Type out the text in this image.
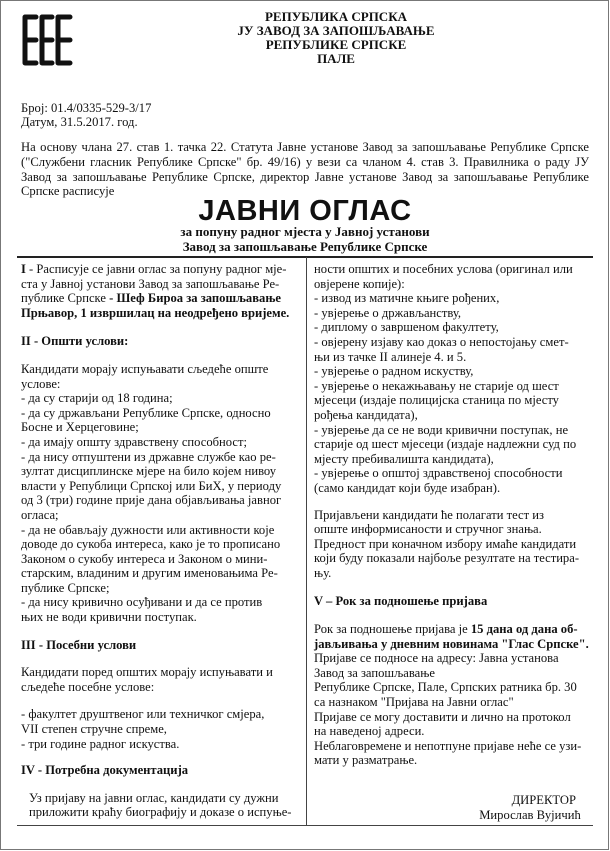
РЕПУБЛИКА СРПСКА
ЈУ ЗАВОД ЗА ЗАПОШЉАВАЊЕ
РЕПУБЛИКЕ СРПСКЕ
ПАЛЕ
Број: 01.4/0335-529-3/17
Датум, 31.5.2017. год.
На основу члана 27. став 1. тачка 22. Статута Јавне установе Завод за запошљавање Републике Српске ("Службени гласник Републике Српске" бр. 49/16) у вези са чланом 4. став 3. Правилника о раду ЈУ Завод за запошљавање Републике Српске, директор Јавне установе Завод за запошљавање Републике Српске расписује
ЈАВНИ ОГЛАС
за попуну радног мјеста у Јавној установи
Завод за запошљавање Републике Српске
I - Расписује се јавни оглас за попуну радног мје-
ста у Јавној установи Завод за запошљавање Ре-
публике Српске - Шеф Бироа за запошљавање
Прњавор, 1 извршилац на неодређено вријеме.
II - Општи услови:
Кандидати морају испуњавати сљедеће опште
услове:
- да су старији од 18 година;
- да су држављани Републике Српске, односно
Босне и Херцеговине;
- да имају општу здравствену способност;
- да нису отпуштени из државне службе као ре-
зултат дисциплинске мјере на било којем нивоу
власти у Републици Српској или БиХ, у периоду
од 3 (три) године прије дана објављивања јавног
огласа;
- да не обављају дужности или активности које
доводе до сукоба интереса, како је то прописано
Законом о сукобу интереса и Законом о мини-
старским, владиним и другим именовањима Ре-
публике Српске;
- да нису кривично осуђивани и да се против
њих не води кривични поступак.
III - Посебни услови
Кандидати поред општих морају испуњавати и
сљедеће посебне услове:
- факултет друштвеног или техничког смјера,
VII степен стручне спреме,
- три године радног искуства.
IV - Потребна документација
Уз пријаву на јавни оглас, кандидати су дужни
приложити краћу биографију и доказе о испуње-
ности општих и посебних услова (оригинал или
овјерене копије):
- извод из матичне књиге рођених,
- увјерење о држављанству,
- диплому о завршеном факултету,
- овјерену изјаву као доказ о непостојању смет-
њи из тачке II алинеје 4. и 5.
- увјерење о радном искуству,
- увјерење о некажњавању не старије од шест
мјесеци (издаје полицијска станица по мјесту
рођења кандидата),
- увјерење да се не води кривични поступак, не
старије од шест мјесеци (издаје надлежни суд по
мјесту пребивалишта кандидата),
- увјерење о општој здравственој способности
(само кандидат који буде изабран).
Пријављени кандидати ће полагати тест из
опште информисаности и стручног знања.
Предност при коначном избору имаће кандидати
који буду показали најбоље резултате на тестира-
њу.
V – Рок за подношење пријава
Рок за подношење пријава је 15 дана од дана об-
јављивања у дневним новинама "Глас Српске".
Пријаве се подносе на адресу: Јавна установа
Завод за запошљавање
Републике Српске, Пале, Српских ратника бр. 30
са назнаком "Пријава на Јавни оглас"
Пријаве се могу доставити и лично на протокол
на наведеној адреси.
Неблаговремене и непотпуне пријаве неће се узи-
мати у разматрање.
ДИРЕКТОР
Мирослав Вујичић
